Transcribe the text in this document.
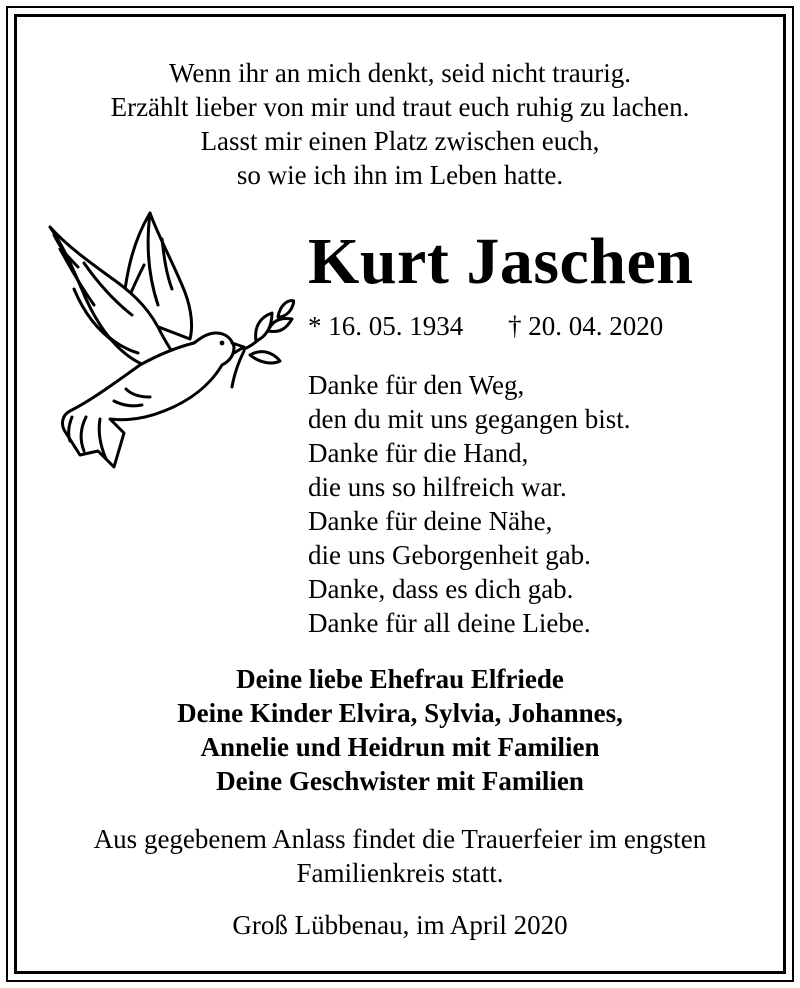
Wenn ihr an mich denkt, seid nicht traurig.
Erzählt lieber von mir und traut euch ruhig zu lachen.
Lasst mir einen Platz zwischen euch,
so wie ich ihn im Leben hatte.
Kurt Jaschen
* 16. 05. 1934 † 20. 04. 2020
Danke für den Weg,
den du mit uns gegangen bist.
Danke für die Hand,
die uns so hilfreich war.
Danke für deine Nähe,
die uns Geborgenheit gab.
Danke, dass es dich gab.
Danke für all deine Liebe.
Deine liebe Ehefrau Elfriede
Deine Kinder Elvira, Sylvia, Johannes,
Annelie und Heidrun mit Familien
Deine Geschwister mit Familien
Aus gegebenem Anlass findet die Trauerfeier im engsten
Familienkreis statt.
Groß Lübbenau, im April 2020
